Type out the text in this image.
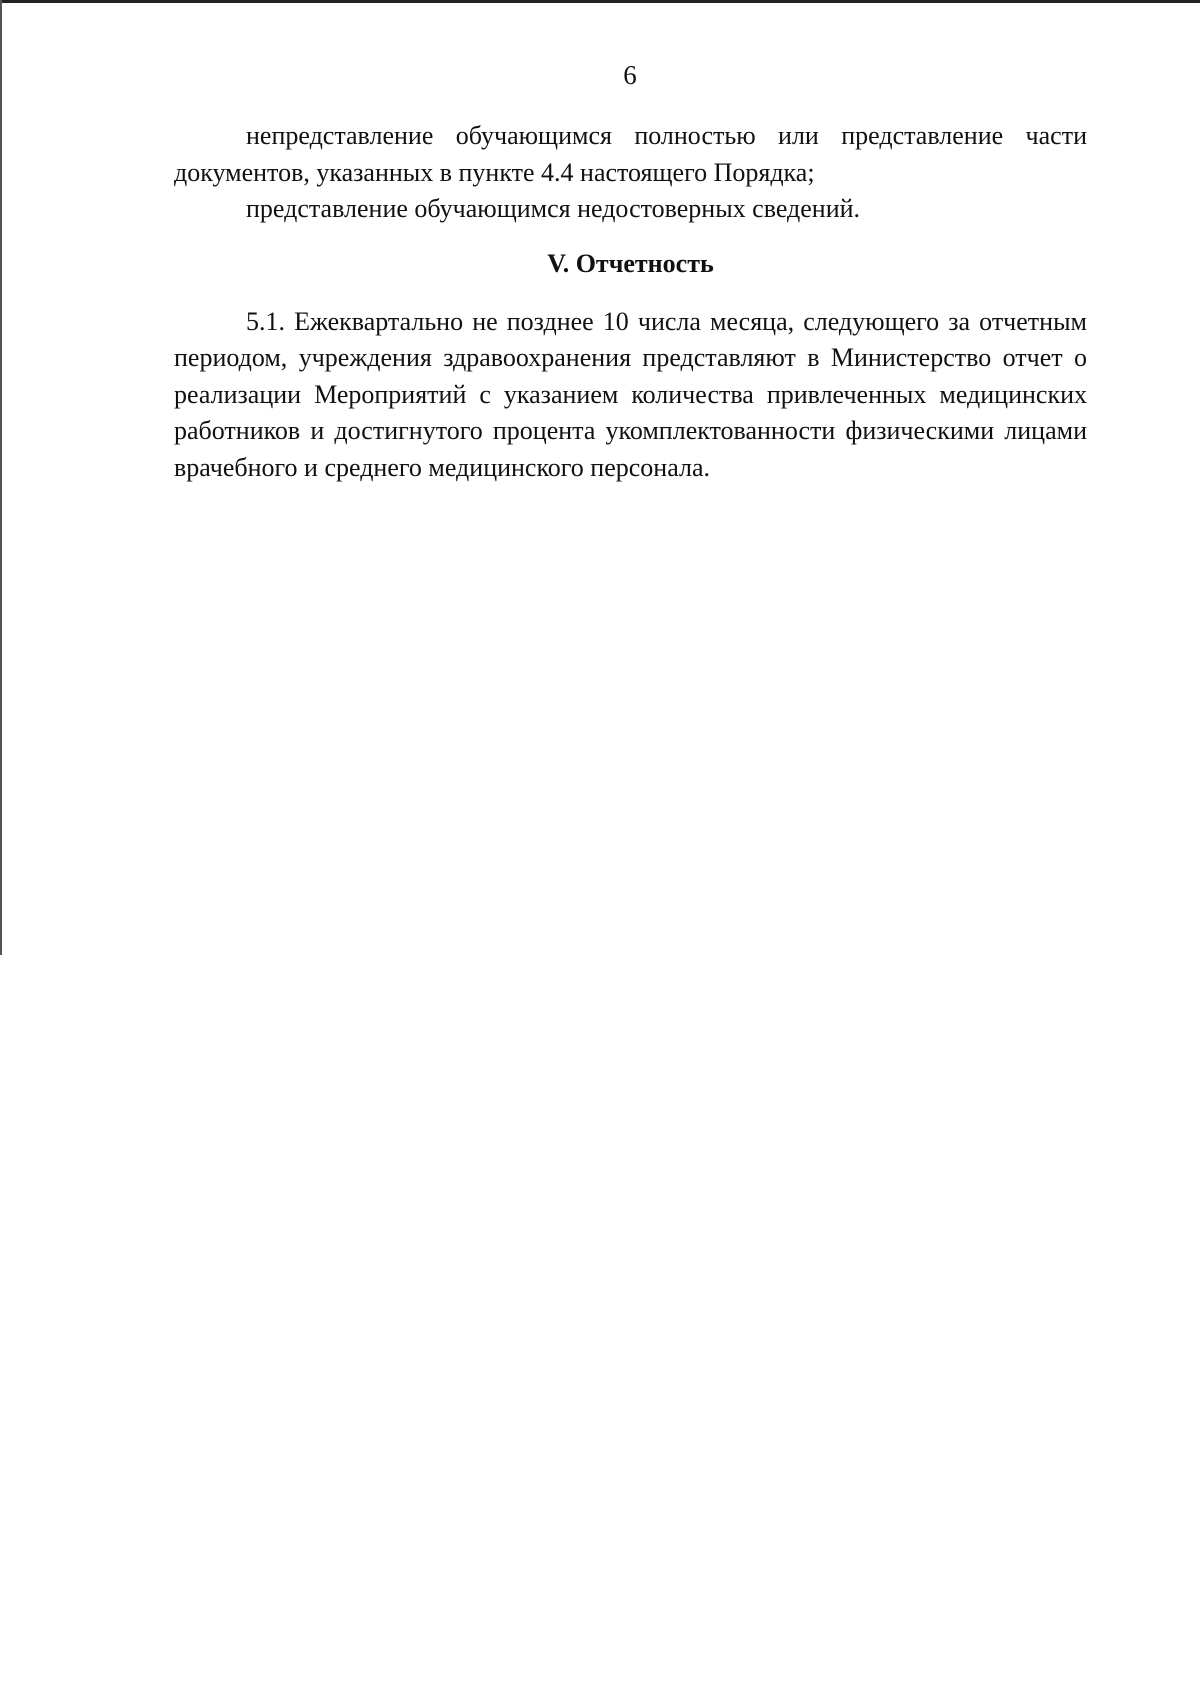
6

непредставление обучающимся полностью или представление части документов, указанных в пункте 4.4 настоящего Порядка;

представление обучающимся недостоверных сведений.

V. Отчетность

5.1. Ежеквартально не позднее 10 числа месяца, следующего за отчетным периодом, учреждения здравоохранения представляют в Министерство отчет о реализации Мероприятий с указанием количества привлеченных медицинских работников и достигнутого процента укомплектованности физическими лицами врачебного и среднего медицинского персонала.
